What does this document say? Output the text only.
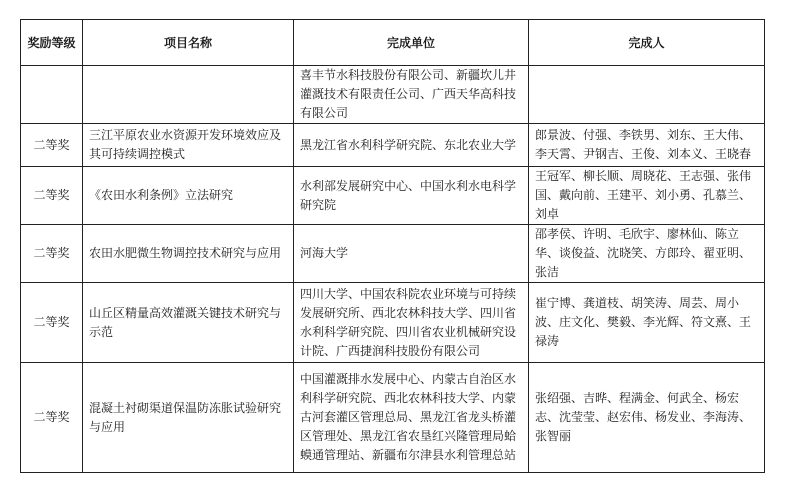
奖励等级	项目名称	完成单位	完成人
		喜丰节水科技股份有限公司、新疆坎儿井灌溉技术有限责任公司、广西天华高科技有限公司	
二等奖	三江平原农业水资源开发环境效应及其可持续调控模式	黑龙江省水利科学研究院、东北农业大学	郎景波、付强、李铁男、刘东、王大伟、李天霄、尹钢吉、王俊、刘本义、王晓春
二等奖	《农田水利条例》立法研究	水利部发展研究中心、中国水利水电科学研究院	王冠军、柳长顺、周晓花、王志强、张伟国、戴向前、王建平、刘小勇、孔慕兰、刘卓
二等奖	农田水肥微生物调控技术研究与应用	河海大学	邵孝侯、许明、毛欣宇、廖林仙、陈立华、谈俊益、沈晓笑、方郎玲、翟亚明、张洁
二等奖	山丘区精量高效灌溉关键技术研究与示范	四川大学、中国农科院农业环境与可持续发展研究所、西北农林科技大学、四川省水利科学研究院、四川省农业机械研究设计院、广西捷润科技股份有限公司	崔宁博、龚道枝、胡笑涛、周芸、周小波、庄文化、樊毅、李光辉、符文熹、王禄涛
二等奖	混凝土衬砌渠道保温防冻胀试验研究与应用	中国灌溉排水发展中心、内蒙古自治区水利科学研究院、西北农林科技大学、内蒙古河套灌区管理总局、黑龙江省龙头桥灌区管理处、黑龙江省农垦红兴隆管理局蛤蟆通管理站、新疆布尔津县水利管理总站	张绍强、吉晔、程满金、何武全、杨宏志、沈莹莹、赵宏伟、杨发业、李海涛、张智丽
